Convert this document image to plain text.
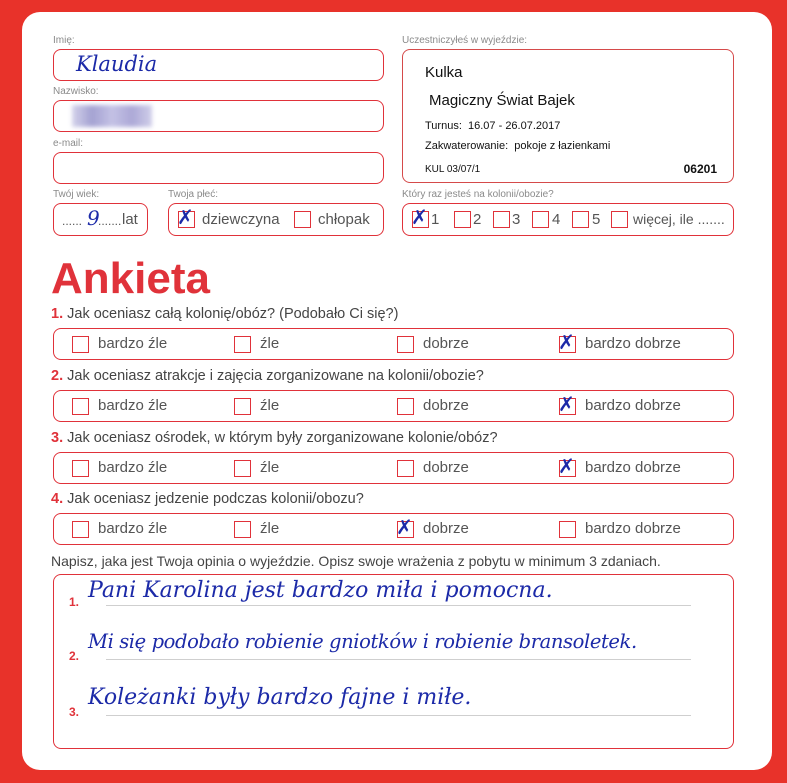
Imię:
Klaudia
Nazwisko:
e-mail:
Twój wiek:
...... 9
....... lat
Twoja płeć:
✗ dziewczyna	chłopak
Uczestniczyłeś w wyjeździe:
Kulka
Magiczny Świat Bajek
Turnus: 16.07 - 26.07.2017
Zakwaterowanie: pokoje z łazienkami
KUL 03/07/1	06201
Który raz jesteś na kolonii/obozie?
✗ 1 2 3 4 5 więcej, ile .......
Ankieta
1. Jak oceniasz całą kolonię/obóz? (Podobało Ci się?)
bardzo źle	źle	dobrze	✗ bardzo dobrze
2. Jak oceniasz atrakcje i zajęcia zorganizowane na kolonii/obozie?
bardzo źle	źle	dobrze	✗ bardzo dobrze
3. Jak oceniasz ośrodek, w którym były zorganizowane kolonie/obóz?
bardzo źle	źle	dobrze	✗ bardzo dobrze
4. Jak oceniasz jedzenie podczas kolonii/obozu?
bardzo źle	źle	✗ dobrze	bardzo dobrze
Napisz, jaka jest Twoja opinia o wyjeździe. Opisz swoje wrażenia z pobytu w minimum 3 zdaniach.
1. Pani Karolina jest bardzo miła i pomocna.
2.
Mi się podobało robienie gniotków i robienie bransoletek.
3.
Koleżanki były bardzo fajne i miłe.
